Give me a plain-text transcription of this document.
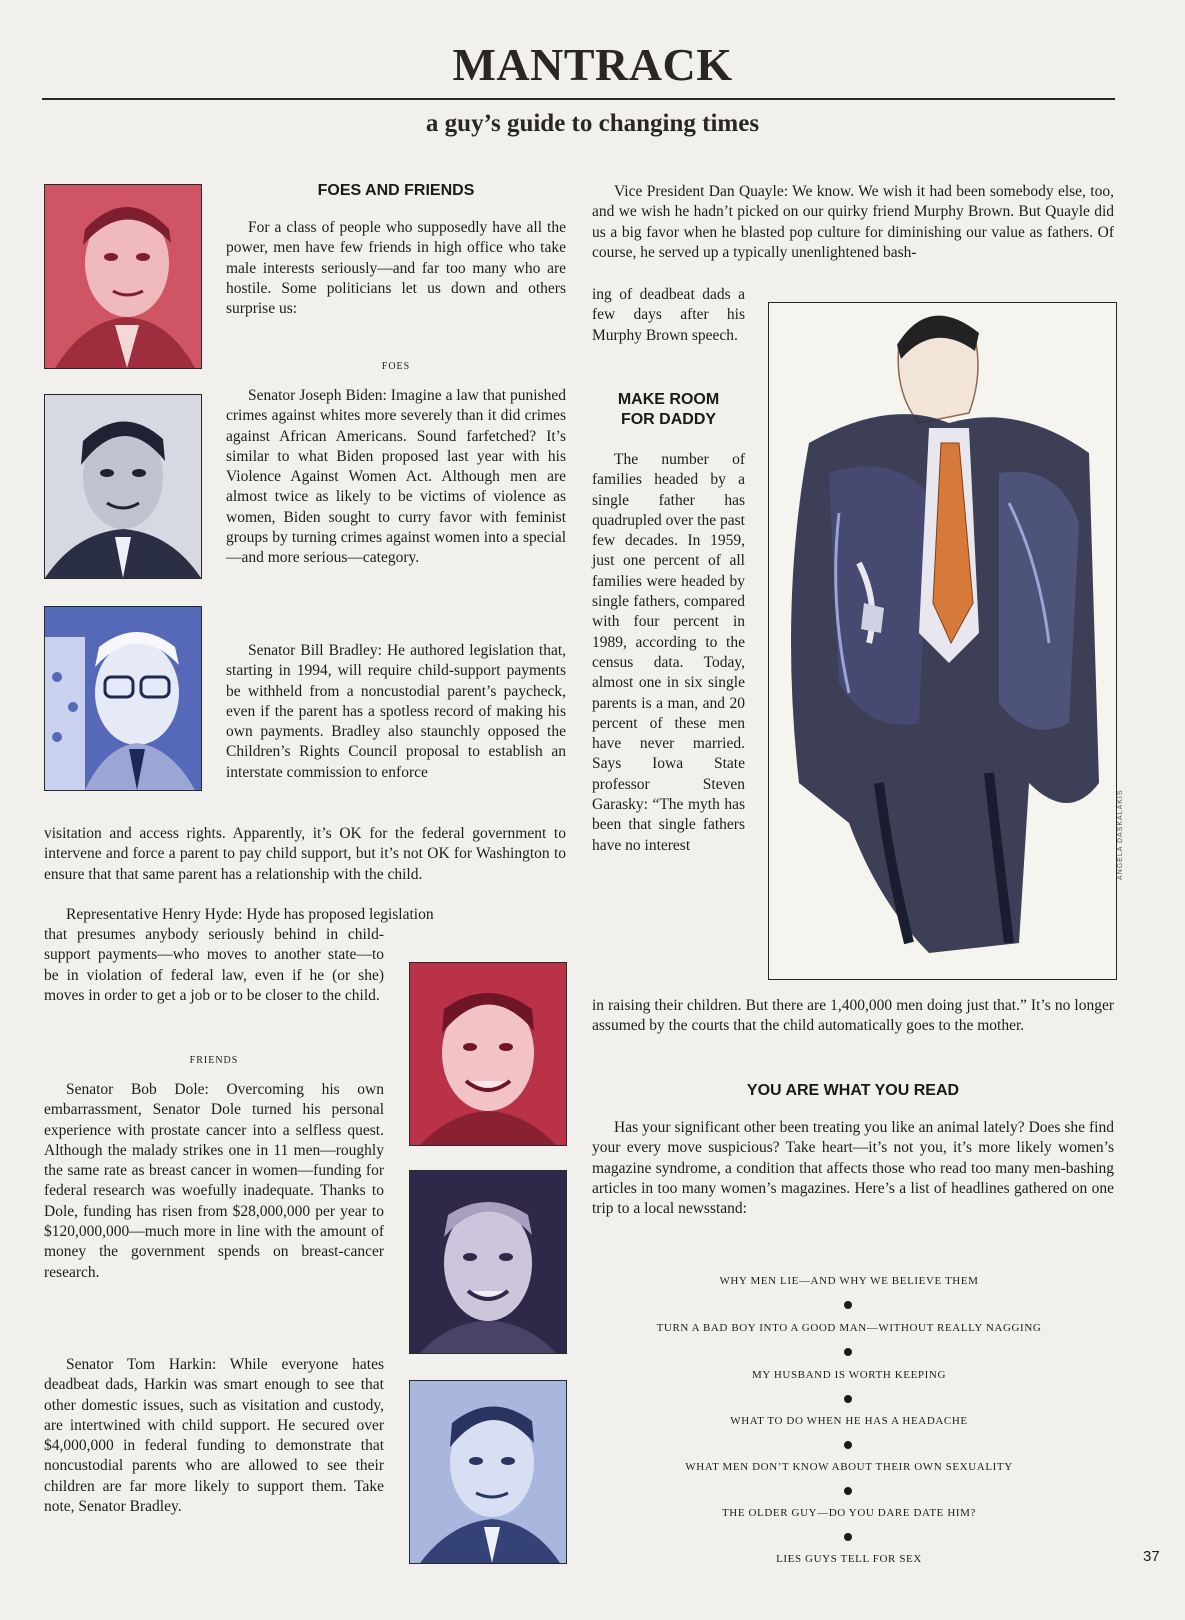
MANTRACK
a guy’s guide to changing times
FOES AND FRIENDS

For a class of people who supposedly have all the power, men have few friends in high office who take male interests seriously—and far too many who are hostile. Some politicians let us down and others surprise us:

FOES

Senator Joseph Biden: Imagine a law that punished crimes against whites more severely than it did crimes against African Americans. Sound farfetched? It’s similar to what Biden proposed last year with his Violence Against Women Act. Although men are almost twice as likely to be victims of violence as women, Biden sought to curry favor with feminist groups by turning crimes against women into a special—and more serious—category.

Senator Bill Bradley: He authored legislation that, starting in 1994, will require child-support payments be withheld from a noncustodial parent’s paycheck, even if the parent has a spotless record of making his own payments. Bradley also staunchly opposed the Children’s Rights Council proposal to establish an interstate commission to enforce

visitation and access rights. Apparently, it’s OK for the federal government to intervene and force a parent to pay child support, but it’s not OK for Washington to ensure that that same parent has a relationship with the child.

Representative Henry Hyde: Hyde has proposed legislation

that presumes anybody seriously behind in child-support payments—who moves to another state—to be in violation of federal law, even if he (or she) moves in order to get a job or to be closer to the child.

FRIENDS

Senator Bob Dole: Overcoming his own embarrassment, Senator Dole turned his personal experience with prostate cancer into a selfless quest. Although the malady strikes one in 11 men—roughly the same rate as breast cancer in women—funding for federal research was woefully inadequate. Thanks to Dole, funding has risen from $28,000,000 per year to $120,000,000—much more in line with the amount of money the government spends on breast-cancer research.

Senator Tom Harkin: While everyone hates deadbeat dads, Harkin was smart enough to see that other domestic issues, such as visitation and custody, are intertwined with child support. He secured over $4,000,000 in federal funding to demonstrate that noncustodial parents who are allowed to see their children are far more likely to support them. Take note, Senator Bradley.

Vice President Dan Quayle: We know. We wish it had been somebody else, too, and we wish he hadn’t picked on our quirky friend Murphy Brown. But Quayle did us a big favor when he blasted pop culture for diminishing our value as fathers. Of course, he served up a typically unenlightened bash-

ing of deadbeat dads a few days after his Murphy Brown speech.

MAKE ROOM
FOR DADDY

The number of families headed by a single father has quadrupled over the past few decades. In 1959, just one percent of all families were headed by single fathers, compared with four percent in 1989, according to the census data. Today, almost one in six single parents is a man, and 20 percent of these men have never married. Says Iowa State professor Steven Garasky: “The myth has been that single fathers have no interest

in raising their children. But there are 1,400,000 men doing just that.” It’s no longer assumed by the courts that the child automatically goes to the mother.

ANGELA DASKALAKIS
YOU ARE WHAT YOU READ

Has your significant other been treating you like an animal lately? Does she find your every move suspicious? Take heart—it’s not you, it’s more likely women’s magazine syndrome, a condition that affects those who read too many men-bashing articles in too many women’s magazines. Here’s a list of headlines gathered on one trip to a local newsstand:

WHY MEN LIE—AND WHY WE BELIEVE THEM
TURN A BAD BOY INTO A GOOD MAN—WITHOUT REALLY NAGGING
MY HUSBAND IS WORTH KEEPING
WHAT TO DO WHEN HE HAS A HEADACHE
WHAT MEN DON’T KNOW ABOUT THEIR OWN SEXUALITY
THE OLDER GUY—DO YOU DARE DATE HIM?
LIES GUYS TELL FOR SEX	37
